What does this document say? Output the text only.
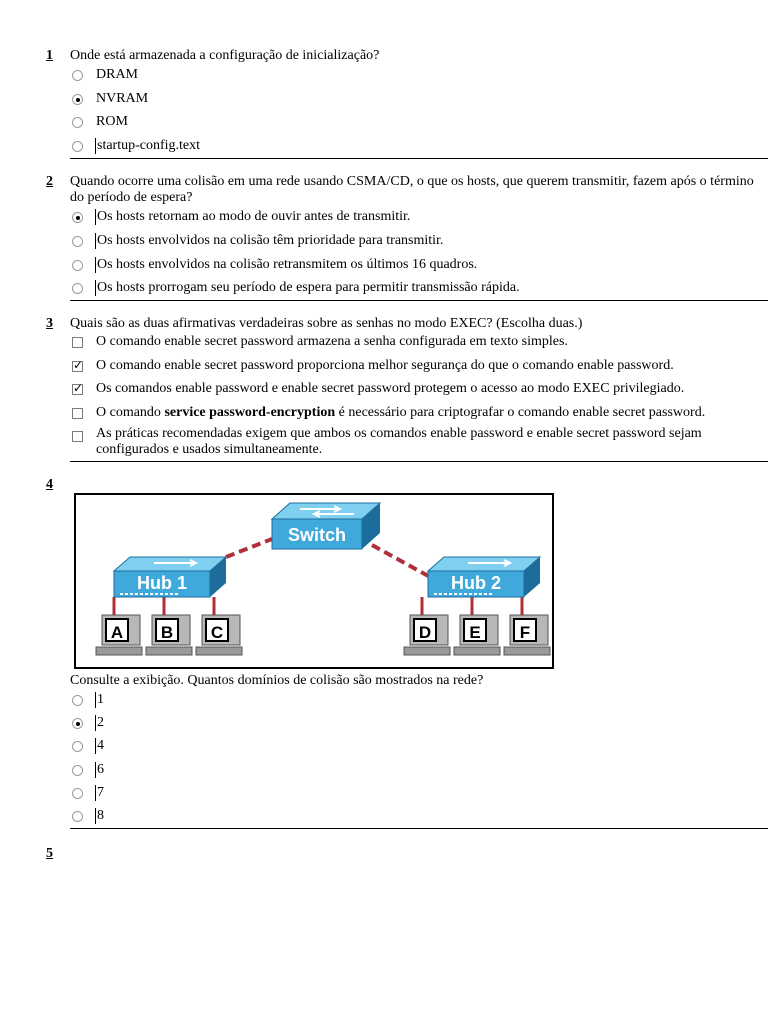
1 Onde está armazenada a configuração de inicialização?
DRAM
NVRAM
ROM
startup-config.text
2 Quando ocorre uma colisão em uma rede usando CSMA/CD, o que os hosts, que querem transmitir, fazem após o término do período de espera?
Os hosts retornam ao modo de ouvir antes de transmitir.
Os hosts envolvidos na colisão têm prioridade para transmitir.
Os hosts envolvidos na colisão retransmitem os últimos 16 quadros.
Os hosts prorrogam seu período de espera para permitir transmissão rápida.
3 Quais são as duas afirmativas verdadeiras sobre as senhas no modo EXEC? (Escolha duas.)
O comando enable secret password armazena a senha configurada em texto simples.
✓
O comando enable secret password proporciona melhor segurança do que o comando enable password.
✓
Os comandos enable password e enable secret password protegem o acesso ao modo EXEC privilegiado.
O comando service password-encryption é necessário para criptografar o comando enable secret password.
As práticas recomendadas exigem que ambos os comandos enable password e enable secret password sejam configurados e usados simultaneamente.
4
Switch
Hub 1	Hub 2
A B C	D E F
Consulte a exibição. Quantos domínios de colisão são mostrados na rede?
1
2
4
6
7
8
5
